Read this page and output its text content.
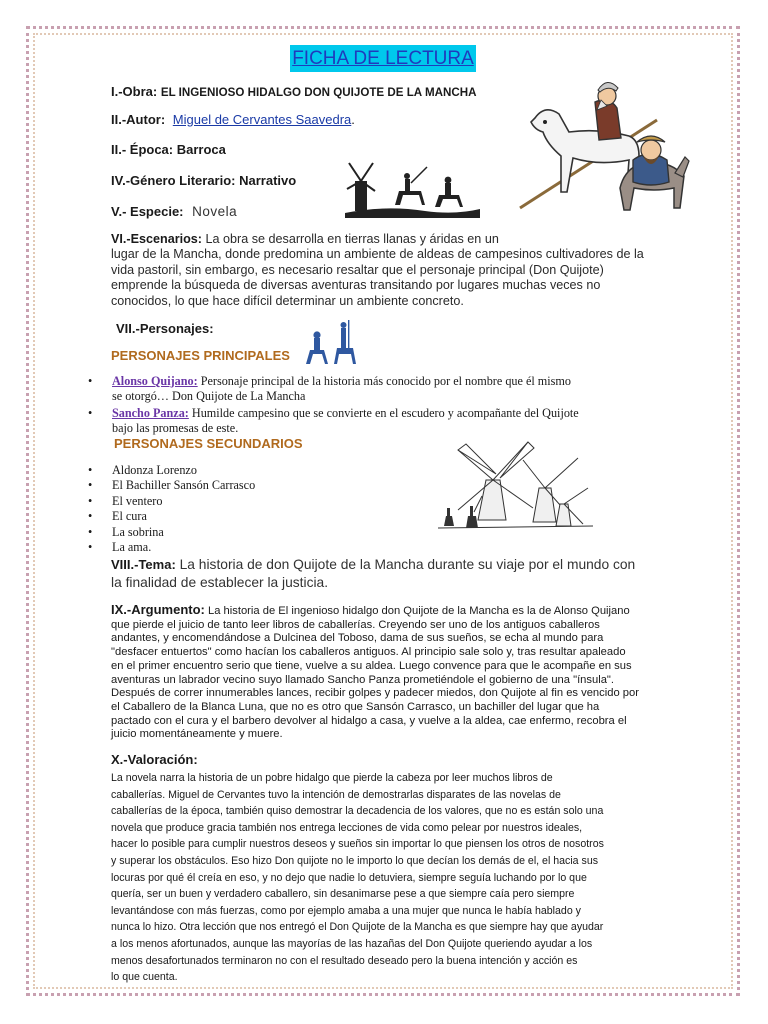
FICHA DE LECTURA
I.-Obra: EL INGENIOSO HIDALGO DON QUIJOTE DE LA MANCHA
II.-Autor: Miguel de Cervantes Saavedra.
II.- Época: Barroca
IV.-Género Literario: Narrativo
V.- Especie: Novela
VI.-Escenarios: La obra se desarrolla en tierras llanas y áridas en un
lugar de la Mancha, donde predomina un ambiente de aldeas de campesinos cultivadores de la
vida pastoril, sin embargo, es necesario resaltar que el personaje principal (Don Quijote)
emprende la búsqueda de diversas aventuras transitando por lugares muchas veces no
conocidos, lo que hace difícil determinar un ambiente concreto.
VII.-Personajes:
PERSONAJES PRINCIPALES
• Alonso Quijano: Personaje principal de la historia más conocido por el nombre que él mismo
se otorgó… Don Quijote de La Mancha
• Sancho Panza: Humilde campesino que se convierte en el escudero y acompañante del Quijote
bajo las promesas de este.
PERSONAJES SECUNDARIOS
• Aldonza Lorenzo
• El Bachiller Sansón Carrasco
• El ventero
• El cura
• La sobrina
• La ama.
VIII.-Tema: La historia de don Quijote de la Mancha durante su viaje por el mundo con
la finalidad de establecer la justicia.
IX.-Argumento: La historia de El ingenioso hidalgo don Quijote de la Mancha es la de Alonso Quijano
que pierde el juicio de tanto leer libros de caballerías. Creyendo ser uno de los antiguos caballeros
andantes, y encomendándose a Dulcinea del Toboso, dama de sus sueños, se echa al mundo para
"desfacer entuertos" como hacían los caballeros antiguos. Al principio sale solo y, tras resultar apaleado
en el primer encuentro serio que tiene, vuelve a su aldea. Luego convence para que le acompañe en sus
aventuras un labrador vecino suyo llamado Sancho Panza prometiéndole el gobierno de una "ínsula".
Después de correr innumerables lances, recibir golpes y padecer miedos, don Quijote al fin es vencido por
el Caballero de la Blanca Luna, que no es otro que Sansón Carrasco, un bachiller del lugar que ha
pactado con el cura y el barbero devolver al hidalgo a casa, y vuelve a la aldea, cae enfermo, recobra el
juicio momentáneamente y muere.
X.-Valoración:
La novela narra la historia de un pobre hidalgo que pierde la cabeza por leer muchos libros de
caballerías. Miguel de Cervantes tuvo la intención de demostrarlas disparates de las novelas de
caballerías de la época, también quiso demostrar la decadencia de los valores, que no es están solo una
novela que produce gracia también nos entrega lecciones de vida como pelear por nuestros ideales,
hacer lo posible para cumplir nuestros deseos y sueños sin importar lo que piensen los otros de nosotros
y superar los obstáculos. Eso hizo Don quijote no le importo lo que decían los demás de el, el hacia sus
locuras por qué él creía en eso, y no dejo que nadie lo detuviera, siempre seguía luchando por lo que
quería, ser un buen y verdadero caballero, sin desanimarse pese a que siempre caía pero siempre
levantándose con más fuerzas, como por ejemplo amaba a una mujer que nunca le había hablado y
nunca lo hizo. Otra lección que nos entregó el Don Quijote de la Mancha es que siempre hay que ayudar
a los menos afortunados, aunque las mayorías de las hazañas del Don Quijote queriendo ayudar a los
menos desafortunados terminaron no con el resultado deseado pero la buena intención y acción es
lo que cuenta.
